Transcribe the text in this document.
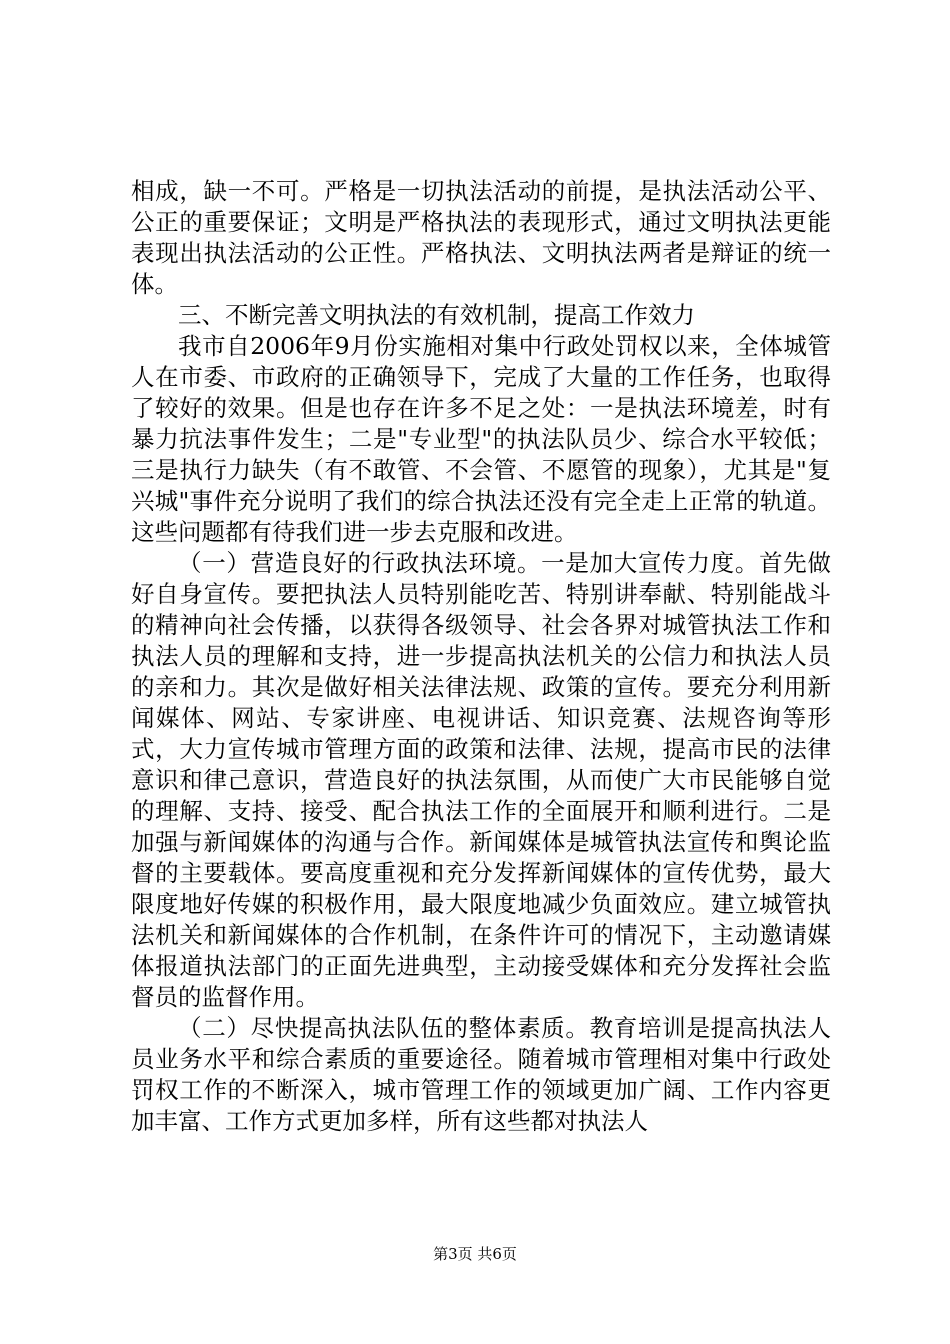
相成，缺一不可。严格是一切执法活动的前提，是执法活动公平、公正的重要保证；文明是严格执法的表现形式，通过文明执法更能表现出执法活动的公正性。严格执法、文明执法两者是辩证的统一体。

三、不断完善文明执法的有效机制，提高工作效力

我市自2006年9月份实施相对集中行政处罚权以来，全体城管人在市委、市政府的正确领导下，完成了大量的工作任务，也取得了较好的效果。但是也存在许多不足之处：一是执法环境差，时有暴力抗法事件发生；二是"专业型"的执法队员少、综合水平较低；三是执行力缺失（有不敢管、不会管、不愿管的现象），尤其是"复兴城"事件充分说明了我们的综合执法还没有完全走上正常的轨道。这些问题都有待我们进一步去克服和改进。

（一）营造良好的行政执法环境。一是加大宣传力度。首先做好自身宣传。要把执法人员特别能吃苦、特别讲奉献、特别能战斗的精神向社会传播，以获得各级领导、社会各界对城管执法工作和执法人员的理解和支持，进一步提高执法机关的公信力和执法人员的亲和力。其次是做好相关法律法规、政策的宣传。要充分利用新闻媒体、网站、专家讲座、电视讲话、知识竞赛、法规咨询等形式，大力宣传城市管理方面的政策和法律、法规，提高市民的法律意识和律己意识，营造良好的执法氛围，从而使广大市民能够自觉的理解、支持、接受、配合执法工作的全面展开和顺利进行。二是加强与新闻媒体的沟通与合作。新闻媒体是城管执法宣传和舆论监督的主要载体。要高度重视和充分发挥新闻媒体的宣传优势，最大限度地好传媒的积极作用，最大限度地减少负面效应。建立城管执法机关和新闻媒体的合作机制，在条件许可的情况下，主动邀请媒体报道执法部门的正面先进典型，主动接受媒体和充分发挥社会监督员的监督作用。

（二）尽快提高执法队伍的整体素质。教育培训是提高执法人员业务水平和综合素质的重要途径。随着城市管理相对集中行政处罚权工作的不断深入，城市管理工作的领域更加广阔、工作内容更加丰富、工作方式更加多样，所有这些都对执法人

第3页 共6页
